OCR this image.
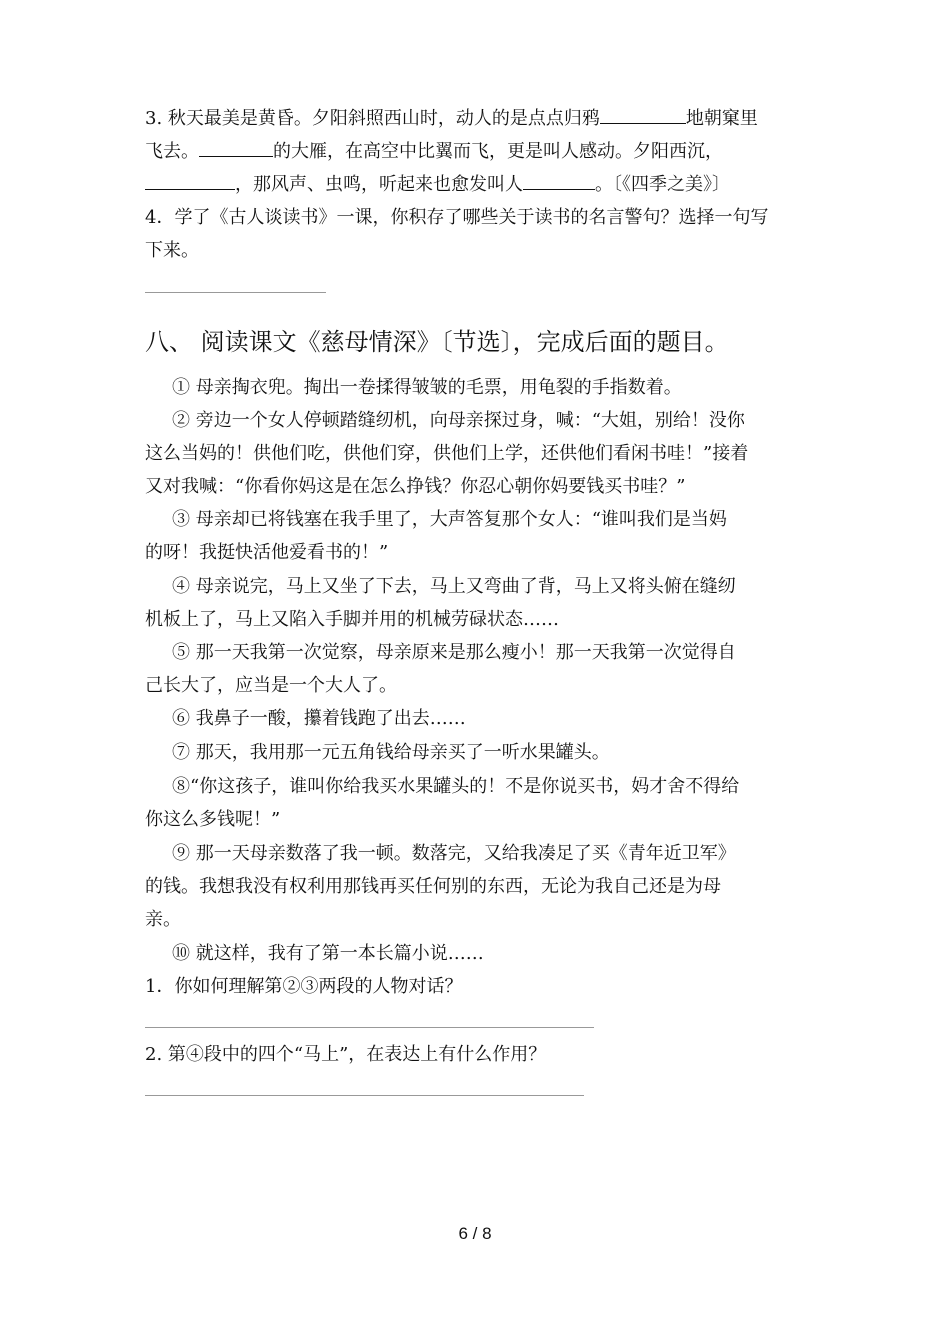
3. 秋天最美是黄昏。夕阳斜照西山时，动人的是点点归鸦	地朝窠里
飞去。	的大雁，在高空中比翼而飞，更是叫人感动。夕阳西沉，
，那风声、虫鸣，听起来也愈发叫人	。〔《四季之美》〕
4．学了《古人谈读书》一课，你积存了哪些关于读书的名言警句？选择一句写
下来。
八、 阅读课文《慈母情深》〔节选〕，完成后面的题目。
① 母亲掏衣兜。掏出一卷揉得皱皱的毛票，用龟裂的手指数着。
② 旁边一个女人停顿踏缝纫机，向母亲探过身，喊：“大姐，别给！没你
这么当妈的！供他们吃，供他们穿，供他们上学，还供他们看闲书哇！”接着
又对我喊：“你看你妈这是在怎么挣钱？你忍心朝你妈要钱买书哇？”
③ 母亲却已将钱塞在我手里了，大声答复那个女人：“谁叫我们是当妈
的呀！我挺快活他爱看书的！”
④ 母亲说完，马上又坐了下去，马上又弯曲了背，马上又将头俯在缝纫
机板上了，马上又陷入手脚并用的机械劳碌状态……
⑤ 那一天我第一次觉察，母亲原来是那么瘦小！那一天我第一次觉得自
己长大了，应当是一个大人了。
⑥ 我鼻子一酸，攥着钱跑了出去……
⑦ 那天，我用那一元五角钱给母亲买了一听水果罐头。
⑧“你这孩子，谁叫你给我买水果罐头的！不是你说买书，妈才舍不得给
你这么多钱呢！”
⑨ 那一天母亲数落了我一顿。数落完，又给我凑足了买《青年近卫军》
的钱。我想我没有权利用那钱再买任何别的东西，无论为我自己还是为母
亲。
⑩ 就这样，我有了第一本长篇小说……
1．你如何理解第②③两段的人物对话？
2. 第④段中的四个“马上”，在表达上有什么作用？
6 / 8
